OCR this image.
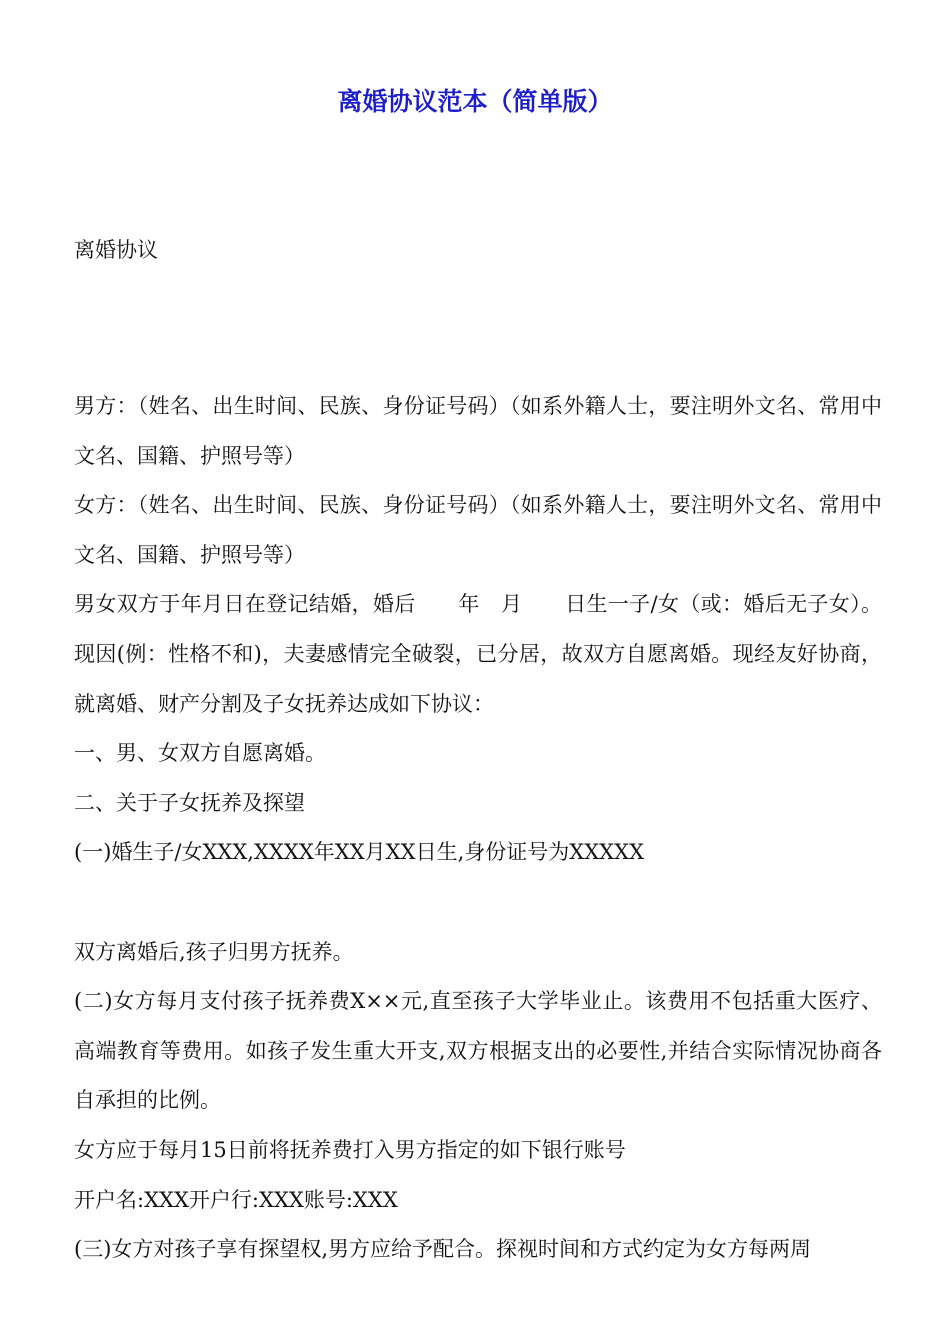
离婚协议范本（简单版）
离婚协议

男方：（姓名、出生时间、民族、身份证号码）（如系外籍人士，要注明外文名、常用中文名、国籍、护照号等）

女方：（姓名、出生时间、民族、身份证号码）（如系外籍人士，要注明外文名、常用中文名、国籍、护照号等）

男女双方于年月日在登记结婚，婚后　　年　月　　日生一子/女（或：婚后无子女）。现因(例：性格不和)，夫妻感情完全破裂，已分居，故双方自愿离婚。现经友好协商，就离婚、财产分割及子女抚养达成如下协议：

一、男、女双方自愿离婚。

二、关于子女抚养及探望

(一)婚生子/女XXX,XXXX年XX月XX日生,身份证号为XXXXX

双方离婚后,孩子归男方抚养。

(二)女方每月支付孩子抚养费X××元,直至孩子大学毕业止。该费用不包括重大医疗、高端教育等费用。如孩子发生重大开支,双方根据支出的必要性,并结合实际情况协商各自承担的比例。

女方应于每月15日前将抚养费打入男方指定的如下银行账号

开户名:XXX开户行:XXX账号:XXX

(三)女方对孩子享有探望权,男方应给予配合。探视时间和方式约定为女方每两周
